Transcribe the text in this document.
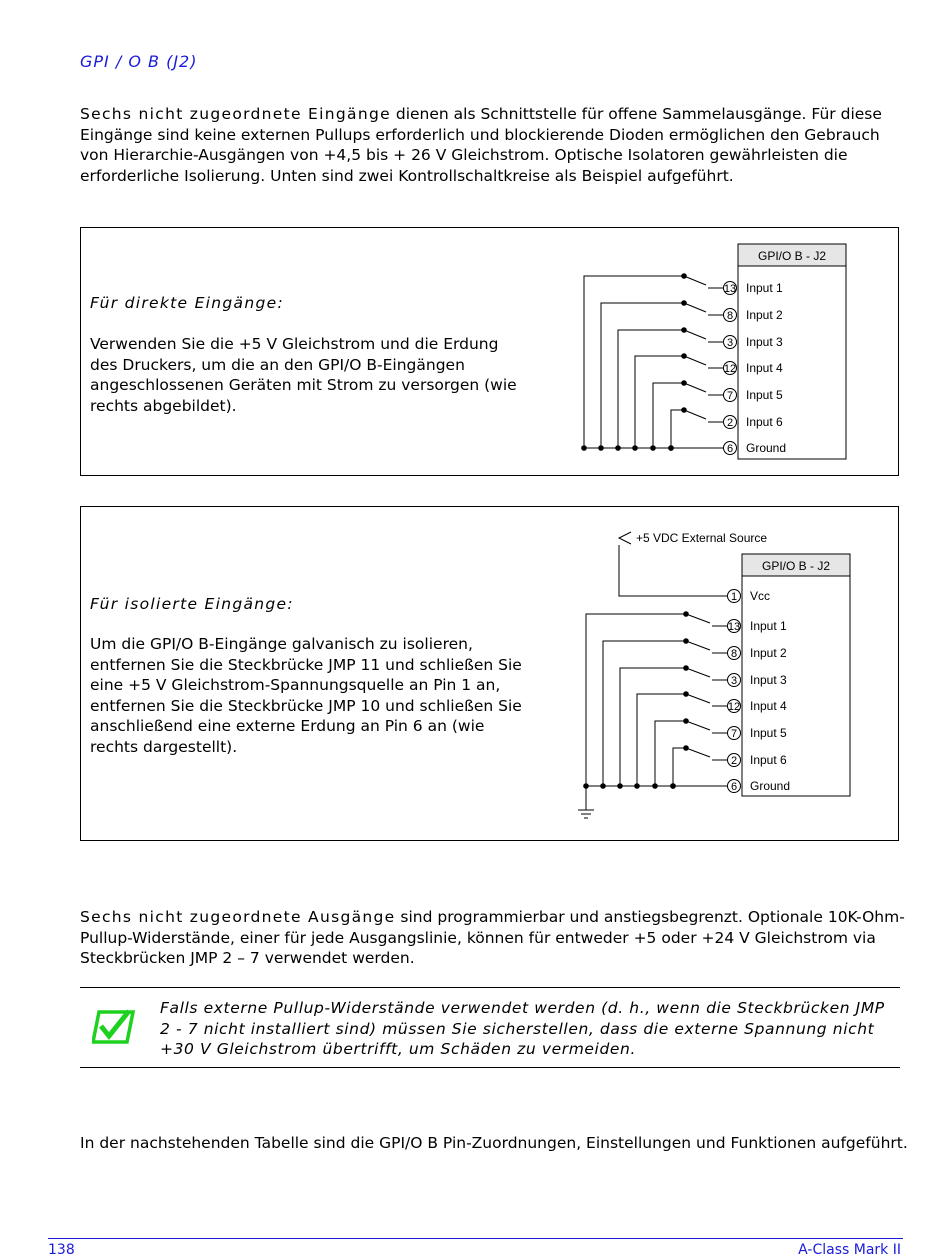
GPI / O B (J2)

Sechs nicht zugeordnete Eingänge dienen als Schnittstelle für offene Sammelausgänge. Für diese Eingänge sind keine externen Pullups erforderlich und blockierende Dioden ermöglichen den Gebrauch von Hierarchie-Ausgängen von +4,5 bis + 26 V Gleichstrom. Optische Isolatoren gewährleisten die erforderliche Isolierung. Unten sind zwei Kontrollschaltkreise als Beispiel aufgeführt.

Für direkte Eingänge:

Verwenden Sie die +5 V Gleichstrom und die Erdung des Druckers, um die an den GPI/O B-Eingängen angeschlossenen Geräten mit Strom zu versorgen (wie rechts abgebildet).

GPI/O B - J2
13 Input 1
8 Input 2
3 Input 3
12 Input 4
7 Input 5
2 Input 6
6 Ground
Für isolierte Eingänge:

Um die GPI/O B-Eingänge galvanisch zu isolieren, entfernen Sie die Steckbrücke JMP 11 und schließen Sie eine +5 V Gleichstrom-Spannungsquelle an Pin 1 an, entfernen Sie die Steckbrücke JMP 10 und schließen Sie anschließend eine externe Erdung an Pin 6 an (wie rechts dargestellt).

GPI/O B - J2
13 Input 1
8 Input 2
3 Input 3
12 Input 4
7 Input 5
2 Input 6
6 Ground
1 Vcc
+5 VDC External Source

Sechs nicht zugeordnete Ausgänge sind programmierbar und anstiegsbegrenzt. Optionale 10K-Ohm-Pullup-Widerstände, einer für jede Ausgangslinie, können für entweder +5 oder +24 V Gleichstrom via Steckbrücken JMP 2 – 7 verwendet werden.

Falls externe Pullup-Widerstände verwendet werden (d. h., wenn die Steckbrücken JMP 2 - 7 nicht installiert sind) müssen Sie sicherstellen, dass die externe Spannung nicht +30 V Gleichstrom übertrifft, um Schäden zu vermeiden.

In der nachstehenden Tabelle sind die GPI/O B Pin-Zuordnungen, Einstellungen und Funktionen aufgeführt.

138	A-Class Mark II
